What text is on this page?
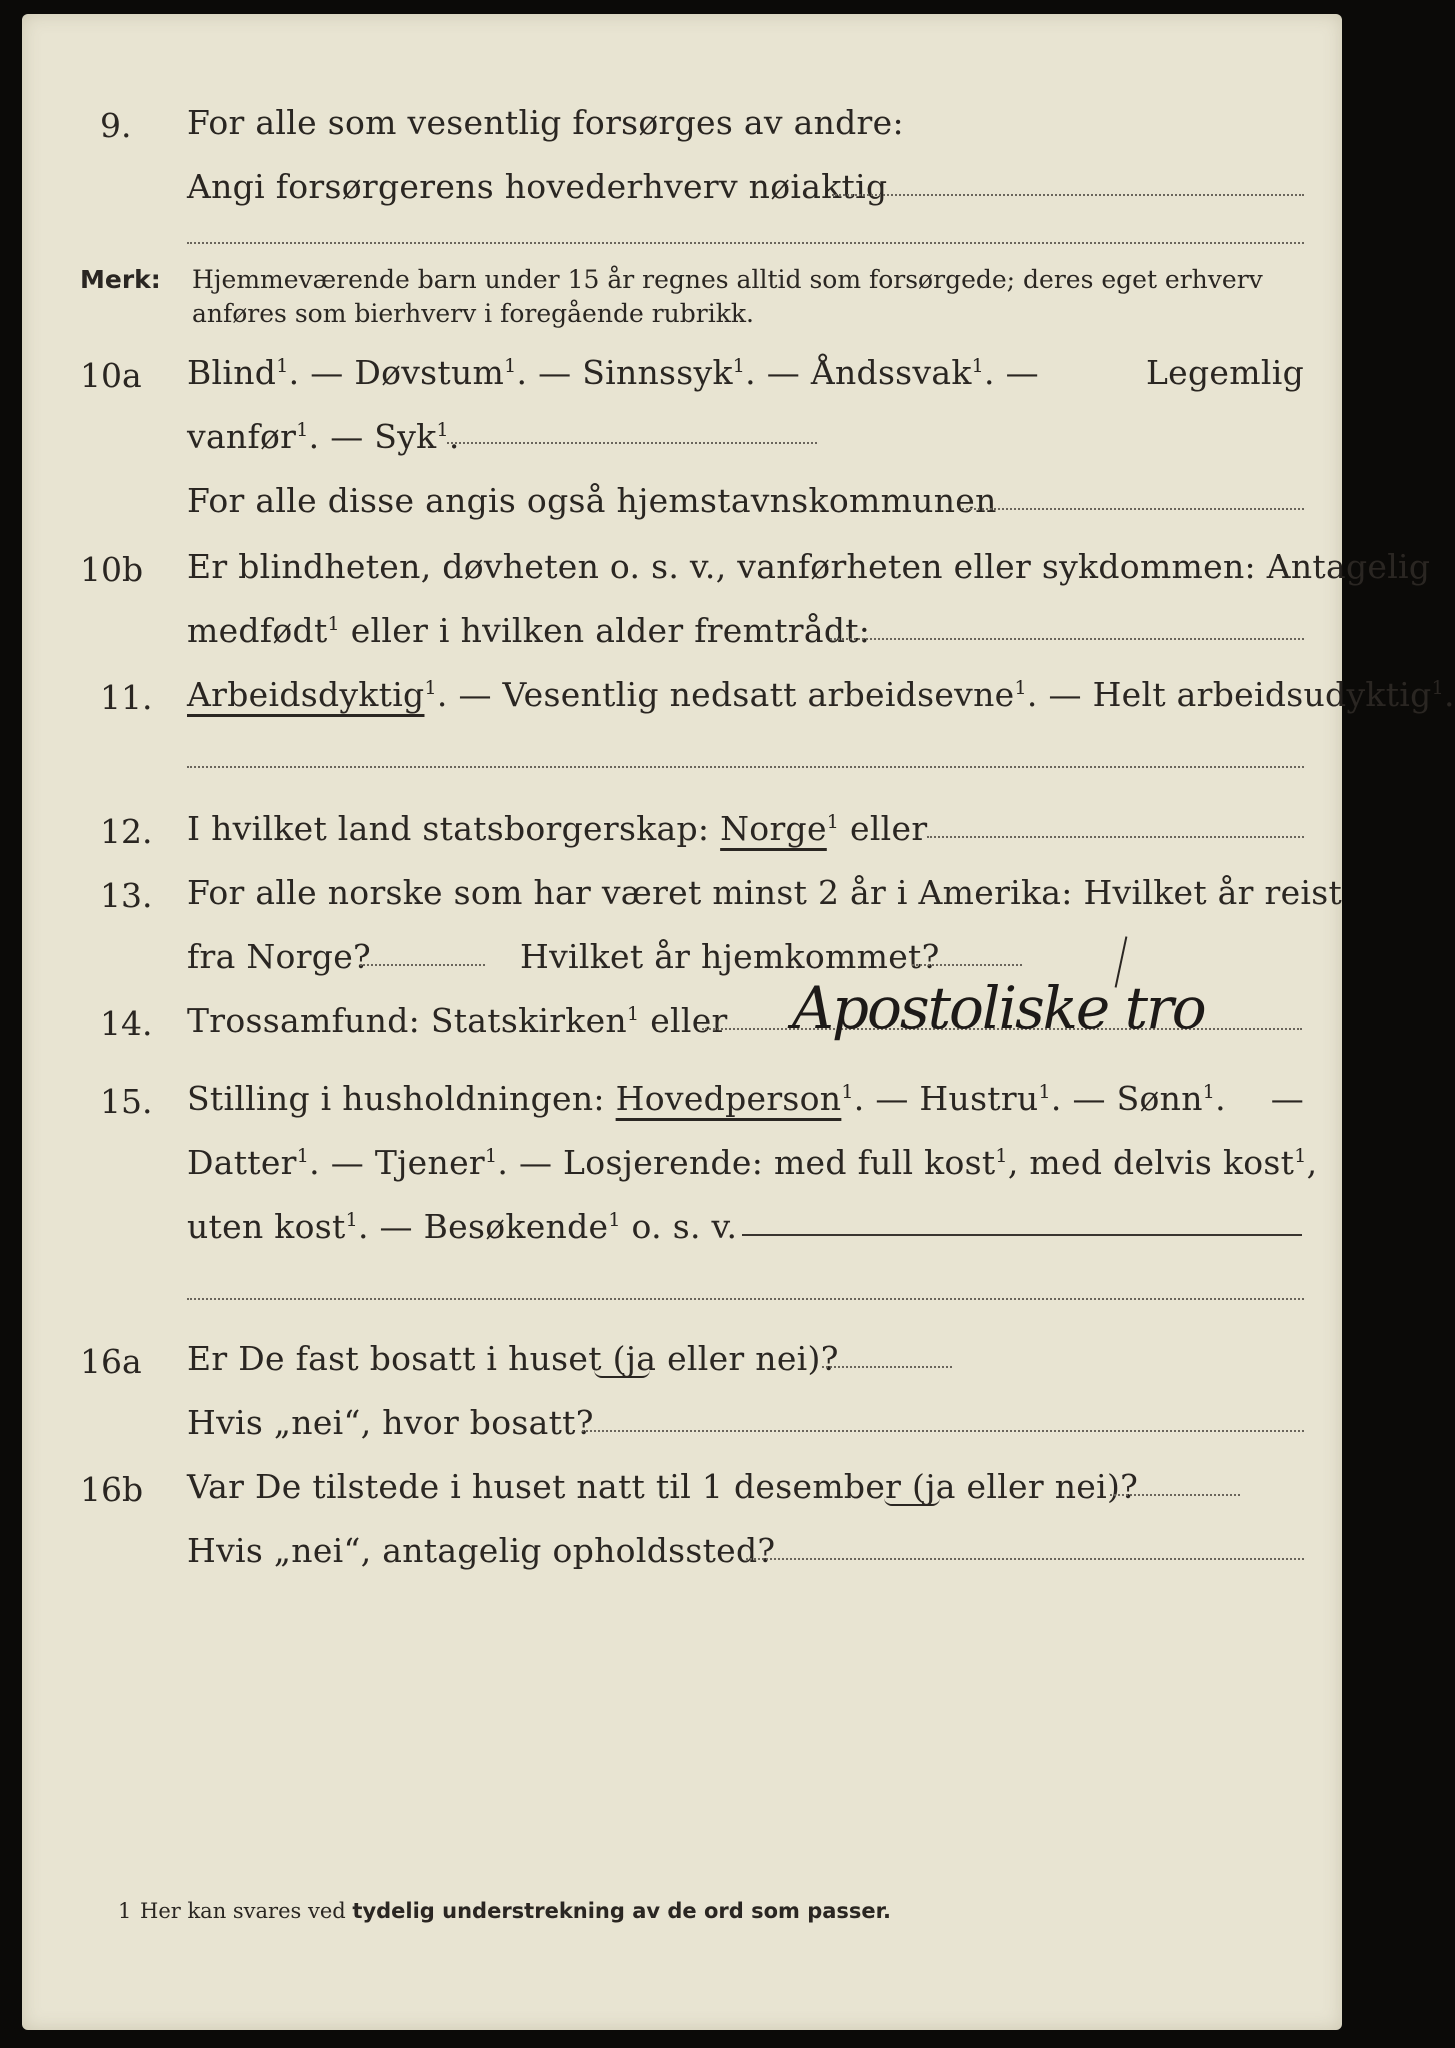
9. For alle som vesentlig forsørges av andre:
Angi forsørgerens hovederhverv nøiaktig
Merk: Hjemmeværende barn under 15 år regnes alltid som forsørgede; deres eget erhverv
anføres som bierhverv i foregående rubrikk.
10a Blind$^1$. — Døvstum$^1$. — Sinnssyk$^1$. — Åndssvak$^1$. —	Legemlig
vanfør$^1$. — Syk$^1$.
For alle disse angis også hjemstavnskommunen
10b Er blindheten, døvheten o. s. v., vanførheten eller sykdommen: Antagelig
medfødt$^1$ eller i hvilken alder fremtrådt:
11. Arbeidsdyktig$^1$. — Vesentlig nedsatt arbeidsevne$^1$. — Helt arbeidsudyktig$^1$.
12. I hvilket land statsborgerskap: Norge$^1$ eller
13. For alle norske som har været minst 2 år i Amerika: Hvilket år reist
fra Norge?	Hvilket år hjemkommet?
14. Trossamfund: Statskirken$^1$ eller Apostoliske tro
15. Stilling i husholdningen: Hovedperson$^1$. — Hustru$^1$. — Sønn$^1$. —
Datter$^1$. — Tjener$^1$. — Losjerende: med full kost$^1$, med delvis kost$^1$,
uten kost$^1$. — Besøkende$^1$ o. s. v.
16a Er De fast bosatt i huset (ja eller nei)?
Hvis „nei“, hvor bosatt?
16b Var De tilstede i huset natt til 1 desember (ja eller nei)?
Hvis „nei“, antagelig opholdssted?
1 Her kan svares ved tydelig understrekning av de ord som passer.
